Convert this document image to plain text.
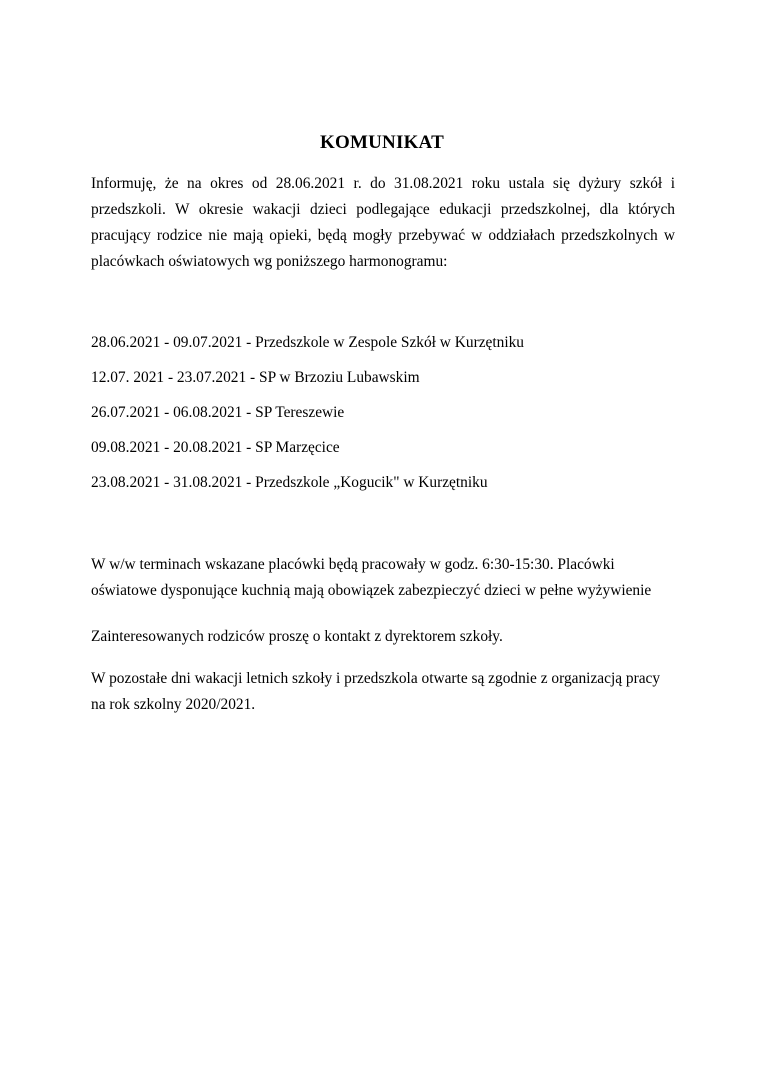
KOMUNIKAT
Informuję, że na okres od 28.06.2021 r. do 31.08.2021 roku ustala się dyżury szkół i przedszkoli. W okresie wakacji dzieci podlegające edukacji przedszkolnej, dla których pracujący rodzice nie mają opieki, będą mogły przebywać w oddziałach przedszkolnych w placówkach oświatowych wg poniższego harmonogramu:
28.06.2021 - 09.07.2021 - Przedszkole w Zespole Szkół w Kurzętniku
12.07. 2021 - 23.07.2021 - SP w Brzoziu Lubawskim
26.07.2021 - 06.08.2021 - SP Tereszewie
09.08.2021 - 20.08.2021 - SP Marzęcice
23.08.2021 - 31.08.2021 - Przedszkole „Kogucik" w Kurzętniku
W w/w terminach wskazane placówki będą pracowały w godz. 6:30-15:30. Placówki
oświatowe dysponujące kuchnią mają obowiązek zabezpieczyć dzieci w pełne wyżywienie
Zainteresowanych rodziców proszę o kontakt z dyrektorem szkoły.
W pozostałe dni wakacji letnich szkoły i przedszkola otwarte są zgodnie z organizacją pracy
na rok szkolny 2020/2021.
